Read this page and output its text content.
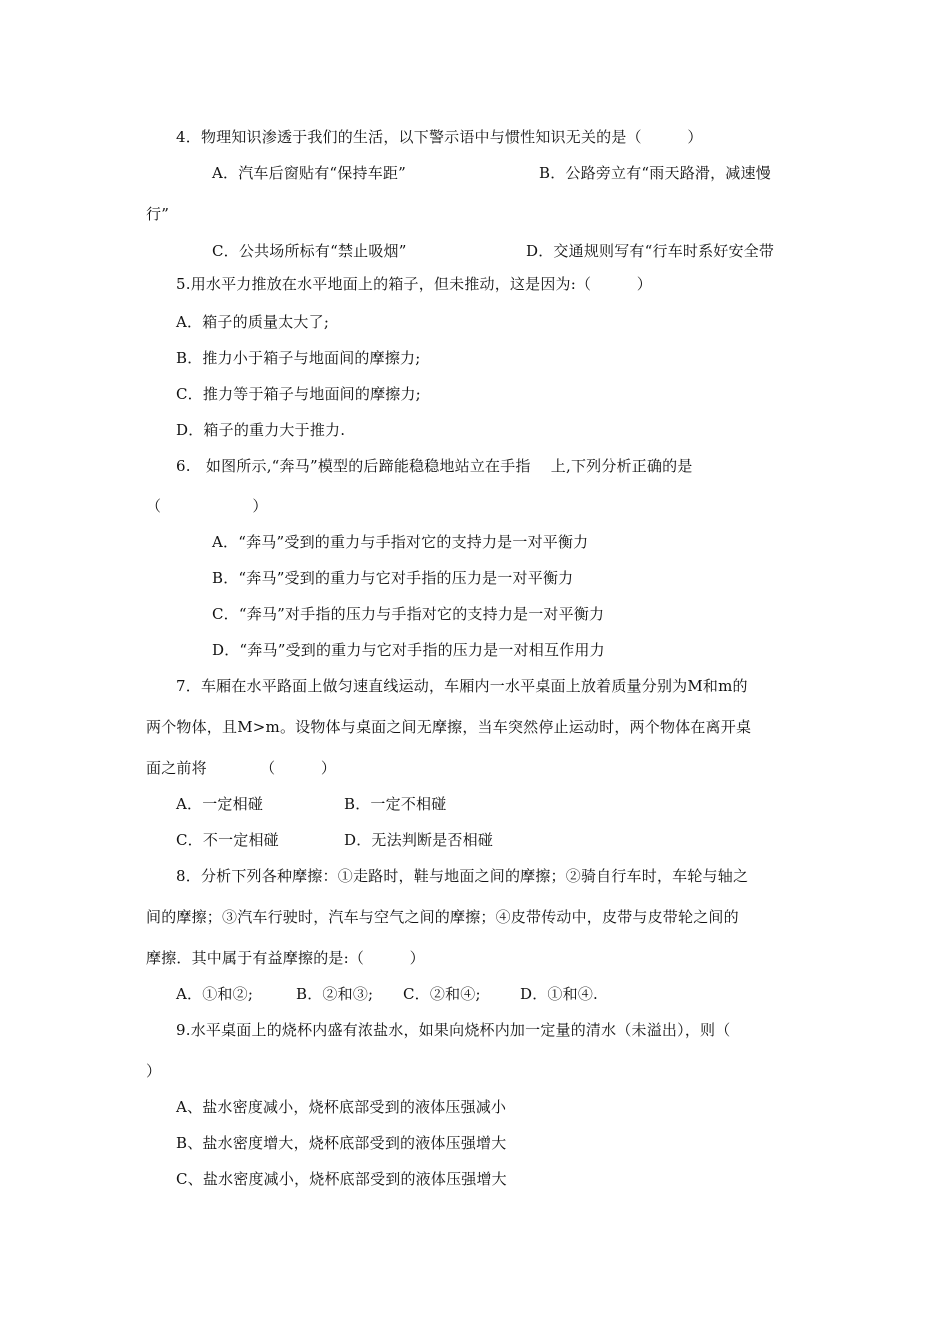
4．物理知识渗透于我们的生活，以下警示语中与惯性知识无关的是（　　　）
A．汽车后窗贴有“保持车距”	B．公路旁立有“雨天路滑，减速慢
行”
C．公共场所标有“禁止吸烟”	D．交通规则写有“行车时系好安全带
5.用水平力推放在水平地面上的箱子，但未推动，这是因为:（　　　）
A．箱子的质量太大了;
B．推力小于箱子与地面间的摩擦力;
C．推力等于箱子与地面间的摩擦力;
D．箱子的重力大于推力.
6.　如图所示,“奔马”模型的后蹄能稳稳地站立在手指　 上,下列分析正确的是
（　　　　　　）
A．“奔马”受到的重力与手指对它的支持力是一对平衡力
B．“奔马”受到的重力与它对手指的压力是一对平衡力
C．“奔马”对手指的压力与手指对它的支持力是一对平衡力
D．“奔马”受到的重力与它对手指的压力是一对相互作用力
7．车厢在水平路面上做匀速直线运动，车厢内一水平桌面上放着质量分别为M和m的
两个物体，且M>m。设物体与桌面之间无摩擦，当车突然停止运动时，两个物体在离开桌
面之前将　　　　（　　　）
A．一定相碰	B．一定不相碰
C．不一定相碰	D．无法判断是否相碰
8．分析下列各种摩擦：①走路时，鞋与地面之间的摩擦；②骑自行车时，车轮与轴之
间的摩擦；③汽车行驶时，汽车与空气之间的摩擦；④皮带传动中，皮带与皮带轮之间的
摩擦．其中属于有益摩擦的是:（　　　）
A．①和②;	B．②和③; C．②和④;	D．①和④.
9.水平桌面上的烧杯内盛有浓盐水，如果向烧杯内加一定量的清水（未溢出），则（
）
A、盐水密度减小，烧杯底部受到的液体压强减小
B、盐水密度增大，烧杯底部受到的液体压强增大
C、盐水密度减小，烧杯底部受到的液体压强增大
